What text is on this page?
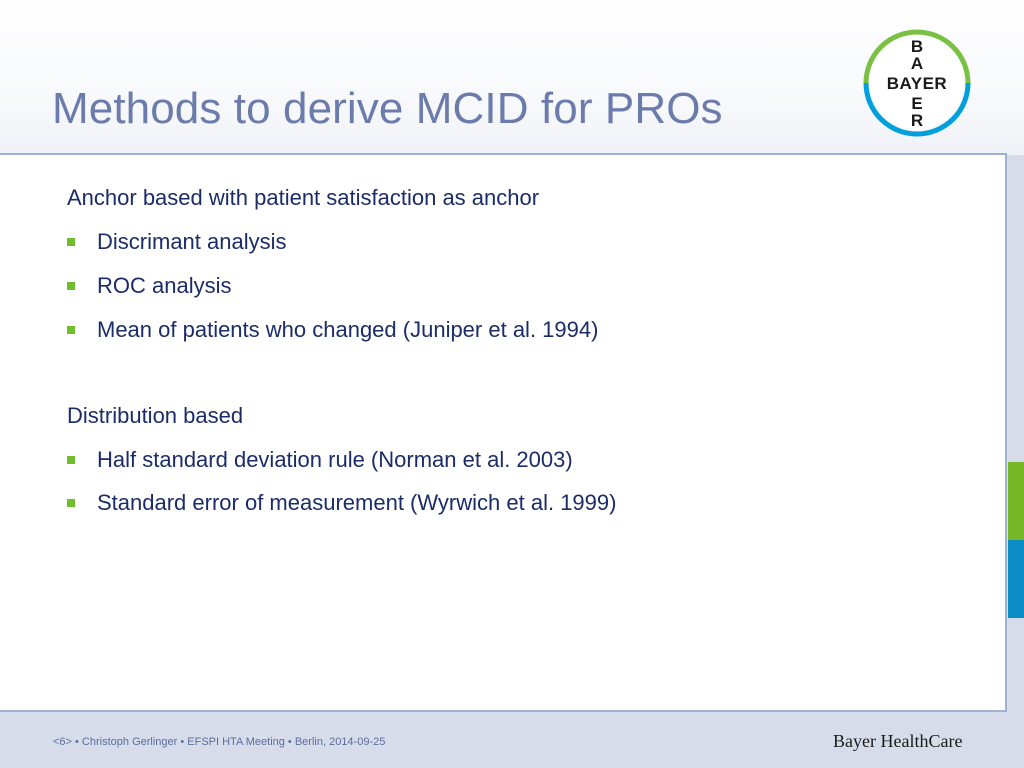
Methods to derive MCID for PROs
B
A
BAYER
E
R

Anchor based with patient satisfaction as anchor

Discrimant analysis
ROC analysis
Mean of patients who changed (Juniper et al. 1994)

Distribution based

Half standard deviation rule (Norman et al. 2003)
Standard error of measurement (Wyrwich et al. 1999)
<6> • Christoph Gerlinger • EFSPI HTA Meeting • Berlin, 2014-09-25	Bayer HealthCare
